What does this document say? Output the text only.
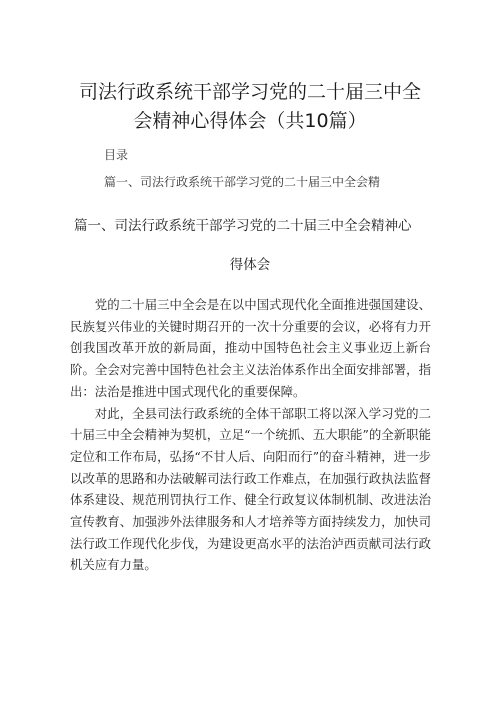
司法行政系统干部学习党的二十届三中全会精神心得体会（共10篇）
目录
篇一、司法行政系统干部学习党的二十届三中全会精
篇一、司法行政系统干部学习党的二十届三中全会精神心
得体会

党的二十届三中全会是在以中国式现代化全面推进强国建设、民族复兴伟业的关键时期召开的一次十分重要的会议，必将有力开创我国改革开放的新局面，推动中国特色社会主义事业迈上新台阶。全会对完善中国特色社会主义法治体系作出全面安排部署，指出：法治是推进中国式现代化的重要保障。

对此，全县司法行政系统的全体干部职工将以深入学习党的二十届三中全会精神为契机，立足“一个统抓、五大职能”的全新职能定位和工作布局，弘扬“不甘人后、向阳而行”的奋斗精神，进一步以改革的思路和办法破解司法行政工作难点，在加强行政执法监督体系建设、规范刑罚执行工作、健全行政复议体制机制、改进法治宣传教育、加强涉外法律服务和人才培养等方面持续发力，加快司法行政工作现代化步伐，为建设更高水平的法治泸西贡献司法行政机关应有力量。
